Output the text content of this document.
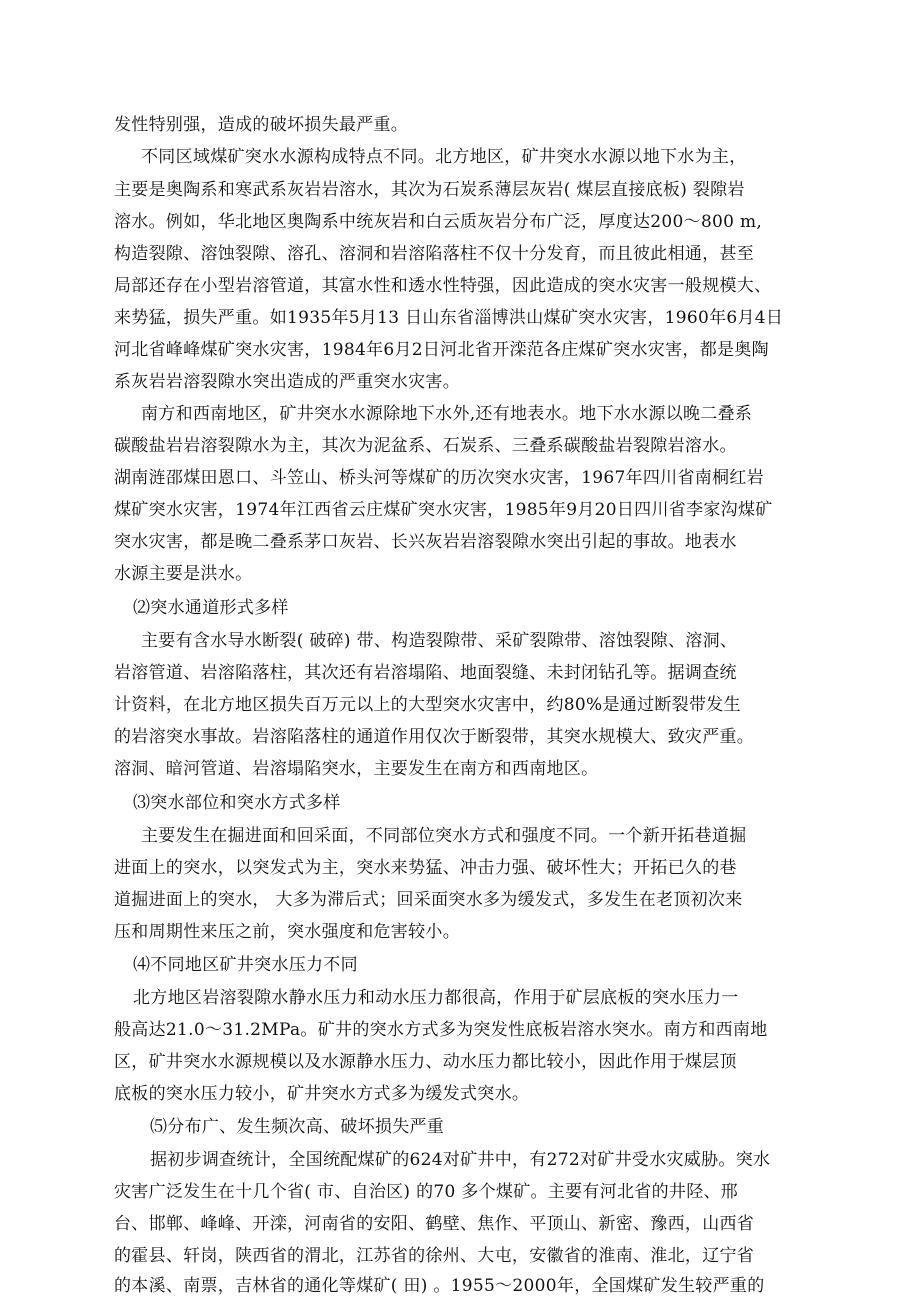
发性特别强，造成的破坏损失最严重。
不同区域煤矿突水水源构成特点不同。北方地区，矿井突水水源以地下水为主，
主要是奥陶系和寒武系灰岩岩溶水，其次为石炭系薄层灰岩( 煤层直接底板) 裂隙岩
溶水。例如，华北地区奥陶系中统灰岩和白云质灰岩分布广泛，厚度达200～800 m,
构造裂隙、溶蚀裂隙、溶孔、溶洞和岩溶陷落柱不仅十分发育，而且彼此相通，甚至
局部还存在小型岩溶管道，其富水性和透水性特强，因此造成的突水灾害一般规模大、
来势猛，损失严重。如1935年5月13 日山东省淄博洪山煤矿突水灾害，1960年6月4日
河北省峰峰煤矿突水灾害，1984年6月2日河北省开滦范各庄煤矿突水灾害，都是奥陶
系灰岩岩溶裂隙水突出造成的严重突水灾害。
南方和西南地区，矿井突水水源除地下水外,还有地表水。地下水水源以晚二叠系
碳酸盐岩岩溶裂隙水为主，其次为泥盆系、石炭系、三叠系碳酸盐岩裂隙岩溶水。
湖南涟邵煤田恩口、斗笠山、桥头河等煤矿的历次突水灾害，1967年四川省南桐红岩
煤矿突水灾害，1974年江西省云庄煤矿突水灾害，1985年9月20日四川省李家沟煤矿
突水灾害，都是晚二叠系茅口灰岩、长兴灰岩岩溶裂隙水突出引起的事故。地表水
水源主要是洪水。
⑵突水通道形式多样
主要有含水导水断裂( 破碎) 带、构造裂隙带、采矿裂隙带、溶蚀裂隙、溶洞、
岩溶管道、岩溶陷落柱，其次还有岩溶塌陷、地面裂缝、未封闭钻孔等。据调查统
计资料，在北方地区损失百万元以上的大型突水灾害中，约80%是通过断裂带发生
的岩溶突水事故。岩溶陷落柱的通道作用仅次于断裂带，其突水规模大、致灾严重。
溶洞、暗河管道、岩溶塌陷突水，主要发生在南方和西南地区。
⑶突水部位和突水方式多样
主要发生在掘进面和回采面，不同部位突水方式和强度不同。一个新开拓巷道掘
进面上的突水，以突发式为主，突水来势猛、冲击力强、破坏性大；开拓已久的巷
道掘进面上的突水， 大多为滞后式；回采面突水多为缓发式，多发生在老顶初次来
压和周期性来压之前，突水强度和危害较小。
⑷不同地区矿井突水压力不同
北方地区岩溶裂隙水静水压力和动水压力都很高，作用于矿层底板的突水压力一
般高达21.0～31.2MPa。矿井的突水方式多为突发性底板岩溶水突水。南方和西南地
区，矿井突水水源规模以及水源静水压力、动水压力都比较小，因此作用于煤层顶
底板的突水压力较小，矿井突水方式多为缓发式突水。
⑸分布广、发生频次高、破坏损失严重
据初步调查统计，全国统配煤矿的624对矿井中，有272对矿井受水灾威胁。突水
灾害广泛发生在十几个省( 市、自治区) 的70 多个煤矿。主要有河北省的井陉、邢
台、邯郸、峰峰、开滦，河南省的安阳、鹤壁、焦作、平顶山、新密、豫西，山西省
的霍县、轩岗，陕西省的渭北，江苏省的徐州、大屯，安徽省的淮南、淮北，辽宁省
的本溪、南票，吉林省的通化等煤矿( 田) 。1955～2000年，全国煤矿发生较严重的
